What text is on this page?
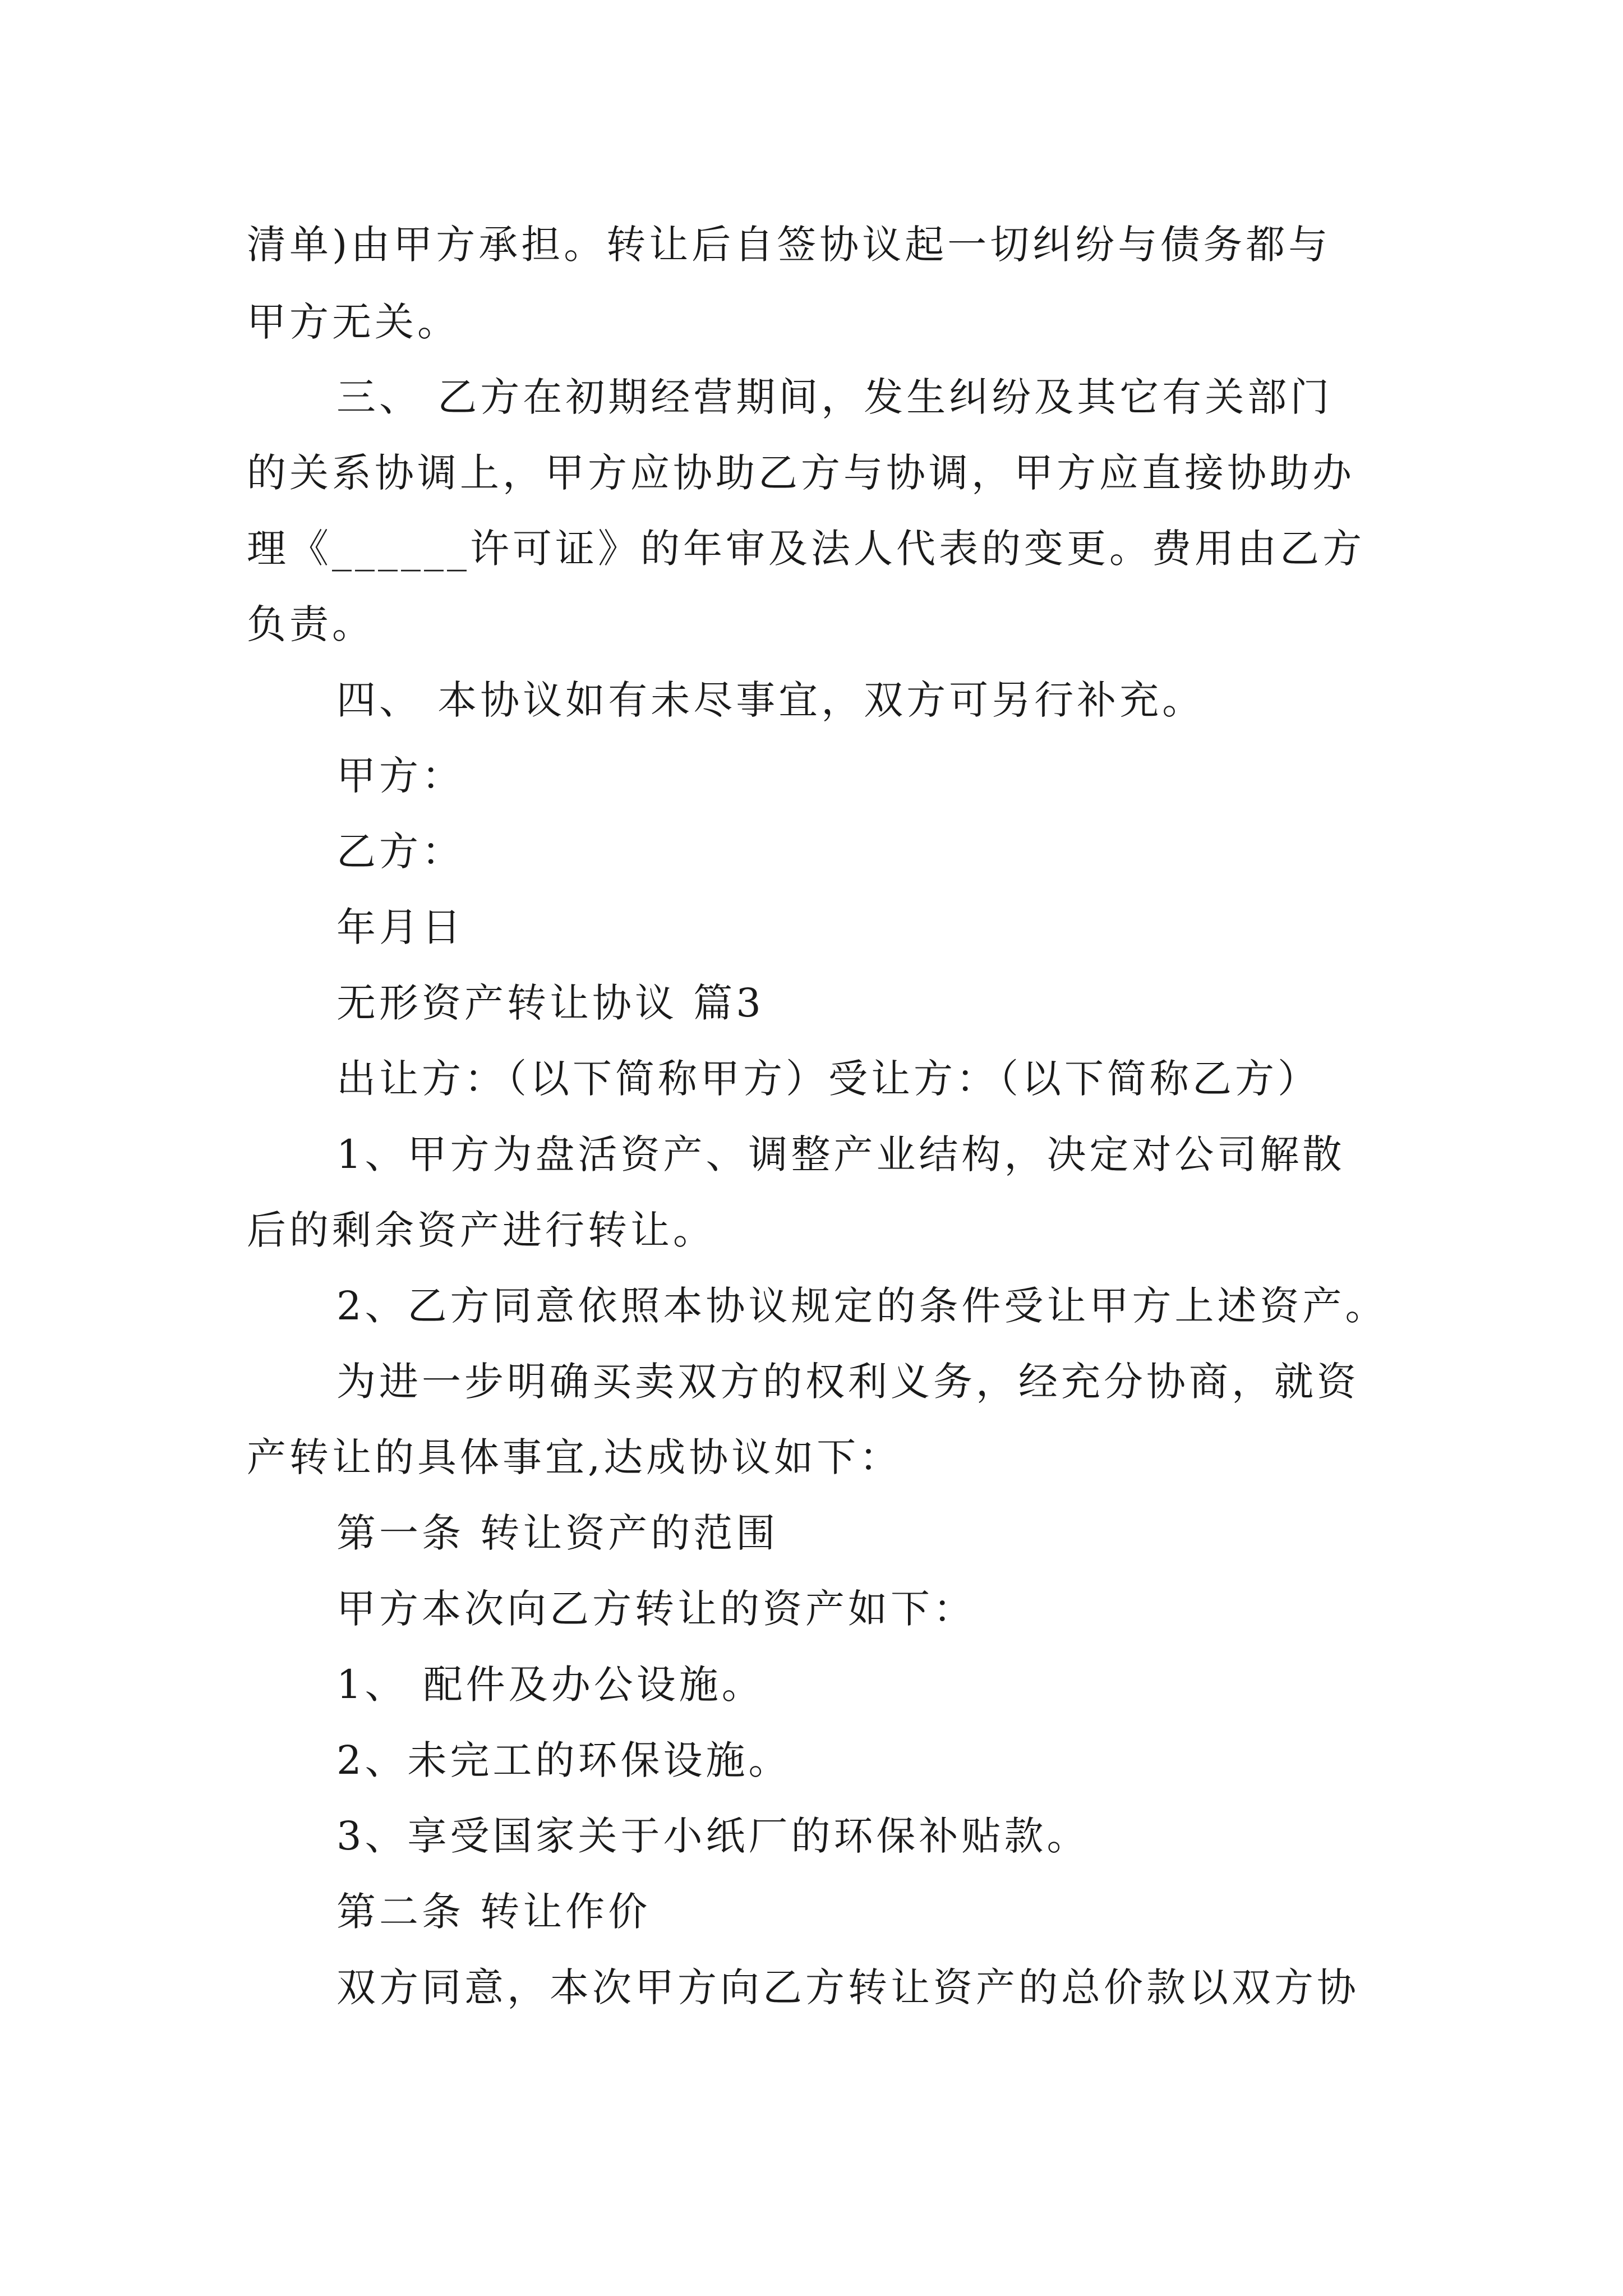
清单)由甲方承担。转让后自签协议起一切纠纷与债务都与
甲方无关。
三、 乙方在初期经营期间，发生纠纷及其它有关部门
的关系协调上，甲方应协助乙方与协调，甲方应直接协助办
理《______许可证》的年审及法人代表的变更。费用由乙方
负责。
四、 本协议如有未尽事宜，双方可另行补充。
甲方：
乙方：
年月日
无形资产转让协议 篇3
出让方：（以下简称甲方）受让方：（以下简称乙方）
1、甲方为盘活资产、调整产业结构，决定对公司解散
后的剩余资产进行转让。
2、乙方同意依照本协议规定的条件受让甲方上述资产。
为进一步明确买卖双方的权利义务，经充分协商，就资
产转让的具体事宜,达成协议如下：
第一条 转让资产的范围
甲方本次向乙方转让的资产如下：
1、 配件及办公设施。
2、未完工的环保设施。
3、享受国家关于小纸厂的环保补贴款。
第二条 转让作价
双方同意，本次甲方向乙方转让资产的总价款以双方协
